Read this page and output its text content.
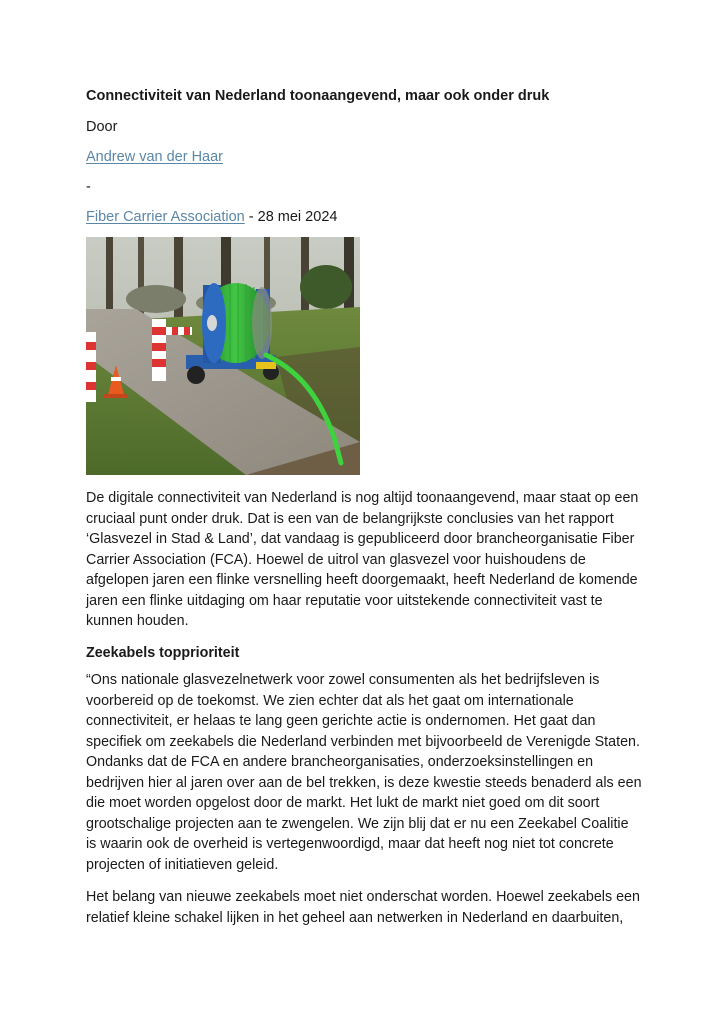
Connectiviteit van Nederland toonaangevend, maar ook onder druk
Door
Andrew van der Haar
-
Fiber Carrier Association - 28 mei 2024

De digitale connectiviteit van Nederland is nog altijd toonaangevend, maar staat op een cruciaal punt onder druk. Dat is een van de belangrijkste conclusies van het rapport ‘Glasvezel in Stad & Land’, dat vandaag is gepubliceerd door brancheorganisatie Fiber Carrier Association (FCA). Hoewel de uitrol van glasvezel voor huishoudens de afgelopen jaren een flinke versnelling heeft doorgemaakt, heeft Nederland de komende jaren een flinke uitdaging om haar reputatie voor uitstekende connectiviteit vast te kunnen houden.

Zeekabels topprioriteit

“Ons nationale glasvezelnetwerk voor zowel consumenten als het bedrijfsleven is voorbereid op de toekomst. We zien echter dat als het gaat om internationale connectiviteit, er helaas te lang geen gerichte actie is ondernomen. Het gaat dan specifiek om zeekabels die Nederland verbinden met bijvoorbeeld de Verenigde Staten. Ondanks dat de FCA en andere brancheorganisaties, onderzoeksinstellingen en bedrijven hier al jaren over aan de bel trekken, is deze kwestie steeds benaderd als een die moet worden opgelost door de markt. Het lukt de markt niet goed om dit soort grootschalige projecten aan te zwengelen. We zijn blij dat er nu een Zeekabel Coalitie is waarin ook de overheid is vertegenwoordigd, maar dat heeft nog niet tot concrete projecten of initiatieven geleid.

Het belang van nieuwe zeekabels moet niet onderschat worden. Hoewel zeekabels een relatief kleine schakel lijken in het geheel aan netwerken in Nederland en daarbuiten,
